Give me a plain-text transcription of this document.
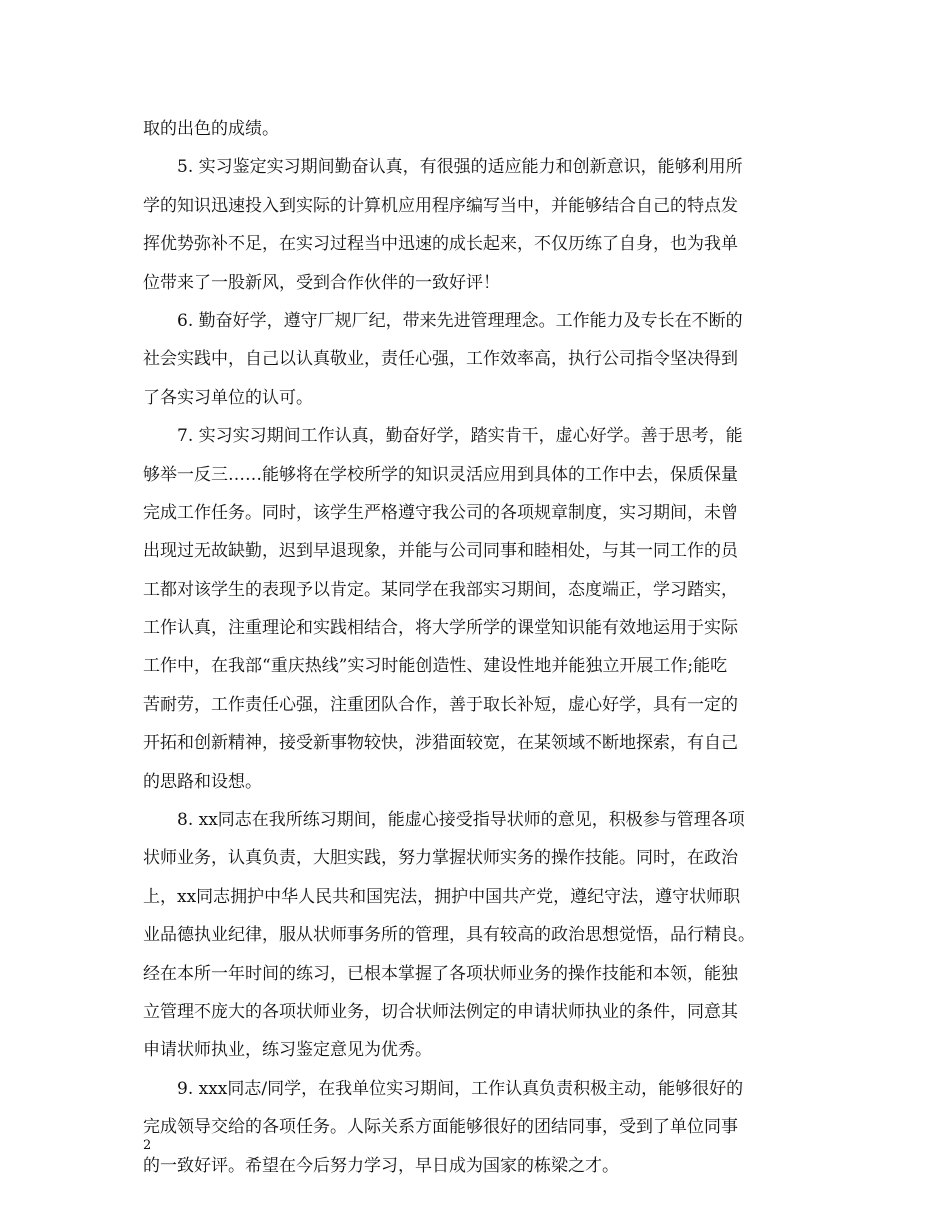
取的出色的成绩。
　　5. 实习鉴定实习期间勤奋认真，有很强的适应能力和创新意识，能够利用所
学的知识迅速投入到实际的计算机应用程序编写当中，并能够结合自己的特点发
挥优势弥补不足，在实习过程当中迅速的成长起来，不仅历练了自身，也为我单
位带来了一股新风，受到合作伙伴的一致好评！
　　6. 勤奋好学，遵守厂规厂纪，带来先进管理理念。工作能力及专长在不断的
社会实践中，自己以认真敬业，责任心强，工作效率高，执行公司指令坚决得到
了各实习单位的认可。
　　7. 实习实习期间工作认真，勤奋好学，踏实肯干，虚心好学。善于思考，能
够举一反三……能够将在学校所学的知识灵活应用到具体的工作中去，保质保量
完成工作任务。同时，该学生严格遵守我公司的各项规章制度，实习期间，未曾
出现过无故缺勤，迟到早退现象，并能与公司同事和睦相处，与其一同工作的员
工都对该学生的表现予以肯定。某同学在我部实习期间，态度端正，学习踏实，
工作认真，注重理论和实践相结合，将大学所学的课堂知识能有效地运用于实际
工作中，在我部“重庆热线”实习时能创造性、建设性地并能独立开展工作;能吃
苦耐劳，工作责任心强，注重团队合作，善于取长补短，虚心好学，具有一定的
开拓和创新精神，接受新事物较快，涉猎面较宽，在某领域不断地探索，有自己
的思路和设想。
　　8. xx同志在我所练习期间，能虚心接受指导状师的意见，积极参与管理各项
状师业务，认真负责，大胆实践，努力掌握状师实务的操作技能。同时，在政治
上，xx同志拥护中华人民共和国宪法，拥护中国共产党，遵纪守法，遵守状师职
业品德执业纪律，服从状师事务所的管理，具有较高的政治思想觉悟，品行精良。
经在本所一年时间的练习，已根本掌握了各项状师业务的操作技能和本领，能独
立管理不庞大的各项状师业务，切合状师法例定的申请状师执业的条件，同意其
申请状师执业，练习鉴定意见为优秀。
　　9. xxx同志/同学，在我单位实习期间，工作认真负责积极主动，能够很好的
完成领导交给的各项任务。人际关系方面能够很好的团结同事，受到了单位同事
的一致好评。希望在今后努力学习，早日成为国家的栋梁之才。
2
